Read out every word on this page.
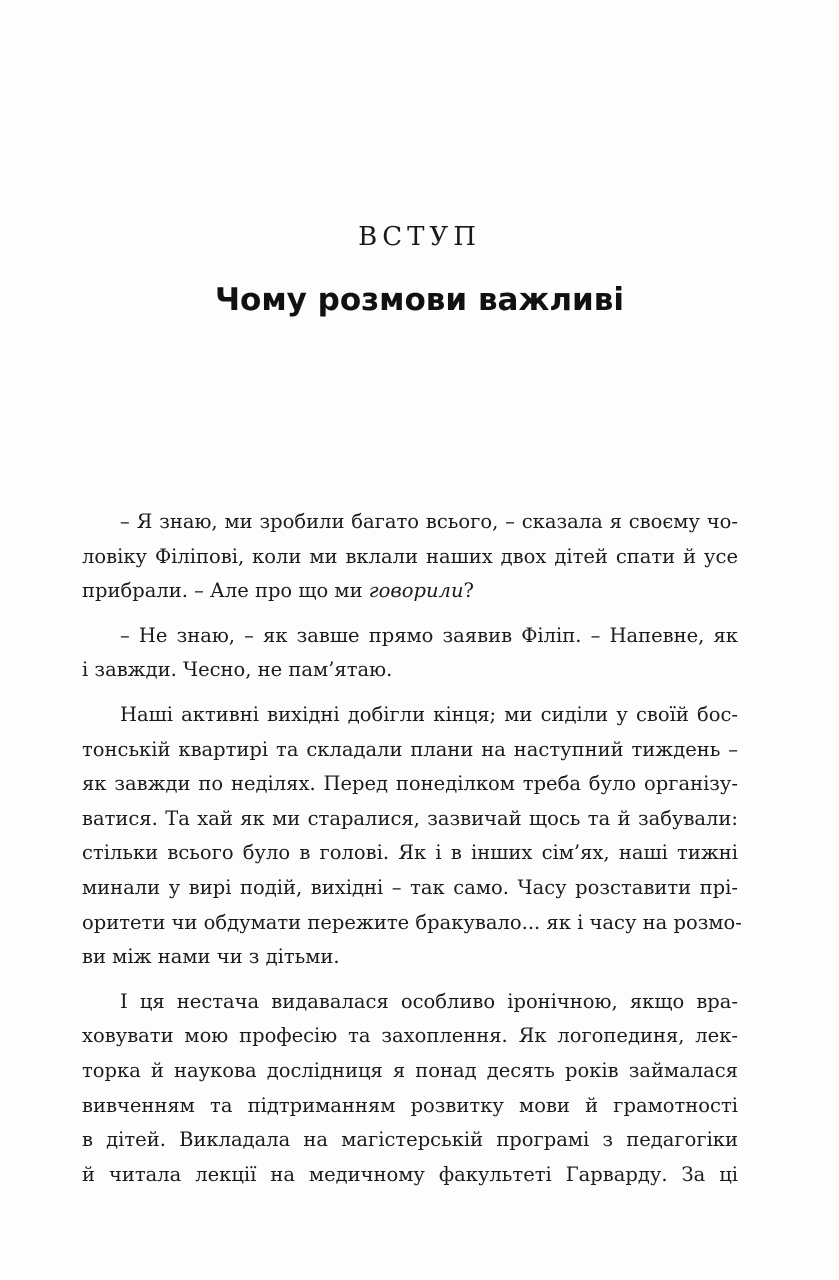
ВСТУП
Чому розмови важливі
– Я знаю, ми зробили багато всього, – сказала я своєму чо-
ловіку Філіпові, коли ми вклали наших двох дітей спати й усе
прибрали. – Але про що ми говорили?
– Не знаю, – як завше прямо заявив Філіп. – Напевне, як
і завжди. Чесно, не пам’ятаю.
Наші активні вихідні добігли кінця; ми сиділи у своїй бос-
тонській квартирі та складали плани на наступний тиждень –
як завжди по неділях. Перед понеділком треба було організу-
ватися. Та хай як ми старалися, зазвичай щось та й забували:
стільки всього було в голові. Як і в інших сім’ях, наші тижні
минали у вирі подій, вихідні – так само. Часу розставити прі-
оритети чи обдумати пережите бракувало... як і часу на розмо-
ви між нами чи з дітьми.
І ця нестача видавалася особливо іронічною, якщо вра-
ховувати мою професію та захоплення. Як логопединя, лек-
торка й наукова дослідниця я понад десять років займалася
вивченням та підтриманням розвитку мови й грамотності
в дітей. Викладала на магістерській програмі з педагогіки
й читала лекції на медичному факультеті Гарварду. За ці
